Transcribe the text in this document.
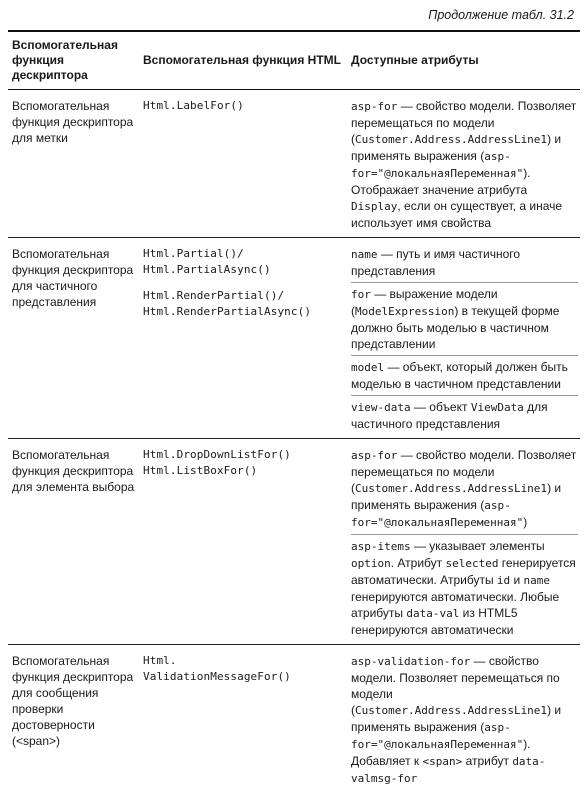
Продолжение табл. 31.2
Вспомогательная функция дескриптора
Вспомогательная функция HTML Доступные атрибуты
Вспомогательная функция дескриптора для метки
Html.LabelFor()	asp-for — свойство модели. Позволяет перемещаться по модели (Customer.Address.AddressLine1) и применять выражения (asp-for="@локальнаяПеременная"). Отображает значение атрибута Display, если он существует, а иначе использует имя свойства

Вспомогательная функция дескриптора для частичного представления
Html.Partial()/
Html.PartialAsync()
Html.RenderPartial()/
Html.RenderPartialAsync()

name — путь и имя частичного представления

for — выражение модели (ModelExpression) в текущей форме должно быть моделью в частичном представлении

model — объект, который должен быть моделью в частичном представлении

view-data — объект ViewData для частичного представления

Вспомогательная функция дескриптора для элемента выбора
Html.DropDownListFor()
Html.ListBoxFor()

asp-for — свойство модели. Позволяет перемещаться по модели (Customer.Address.AddressLine1) и применять выражения (asp-for="@локальнаяПеременная")

asp-items — указывает элементы option. Атрибут selected генерируется автоматически. Атрибуты id и name генерируются автоматически. Любые атрибуты data-val из HTML5 генерируются автоматически

Вспомогательная функция дескриптора для сообщения проверки достоверности (<span>)
Html.
ValidationMessageFor()

asp-validation-for — свойство модели. Позволяет перемещаться по модели (Customer.Address.AddressLine1) и применять выражения (asp-for="@локальнаяПеременная"). Добавляет к <span> атрибут data-valmsg-for
